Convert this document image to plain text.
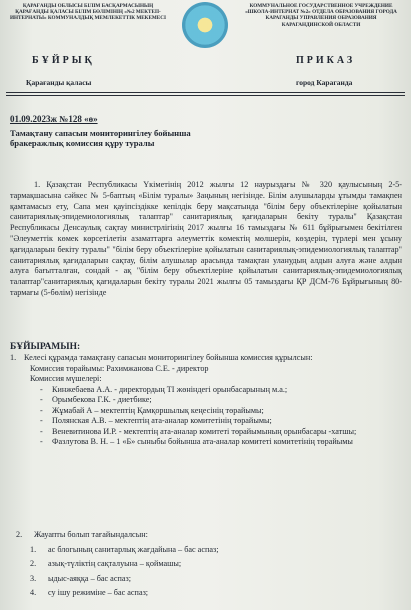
ҚАРАҒАНДЫ ОБЛЫСЫ БІЛІМ БАСҚАРМАСЫНЫҢ ҚАРАҒАНДЫ ҚАЛАСЫ БІЛІМ БӨЛІМІНІҢ «№2 МЕКТЕП-ИНТЕРНАТЫ» КОММУНАЛДЫҚ МЕМЛЕКЕТТІК МЕКЕМЕСІ
КОММУНАЛЬНОЕ ГОСУДАРСТВЕННОЕ УЧРЕЖДЕНИЕ «ШКОЛА-ИНТЕРНАТ №2» ОТДЕЛА ОБРАЗОВАНИЯ ГОРОДА КАРАГАНДЫ УПРАВЛЕНИЯ ОБРАЗОВАНИЯ КАРАГАНДИНСКОЙ ОБЛАСТИ
БҰЙРЫҚ	ПРИКАЗ
Қарағанды қаласы	город Караганда
01.09.2023ж №128 «ө»
Тамақтану сапасын мониторингілеу бойынша бракеражлық комиссия құру туралы

1. Қазақстан Республикасы Үкіметінің 2012 жылғы 12 наурыздағы № 320 қаулысының 2-5-тармақшасына сәйкес № 5-баптың «Білім туралы» Заңының негізінде. Білім алушыларды ұтымды тамақпен қамтамасыз ету, Сапа мен қауіпсіздікке кепілдік беру мақсатында "білім беру объектілеріне қойылатын санитариялық-эпидемиологиялық талаптар" санитариялық қағидаларын бекіту туралы" Қазақстан Республикасы Денсаулық сақтау министрлігінің 2017 жылғы 16 тамыздағы № 611 бұйрығымен бекітілген "Әлеуметтік көмек көрсетілетін азаматтарға әлеуметтік көмектің мөлшерін, көздерін, түрлері мен ұсыну қағидаларын бекіту туралы" "білім беру объектілеріне қойылатын санитариялық-эпидемиологиялық талаптар" санитариялық қағидаларын сақтау, білім алушылар арасында тамақтан уланудың алдын алуға және алдын алуға бағытталған, сондай - ақ "білім беру объектілеріне қойылатын санитариялық-эпидемиологиялық талаптар"санитариялық қағидаларын бекіту туралы 2021 жылғы 05 тамыздағы ҚР ДСМ-76 Бұйрығының 80-тармағы (5-бөлім) негізінде

БҰЙЫРАМЫН:
1. Келесі құрамда тамақтану сапасын мониторингілеу бойынша комиссия құрылсын:
Комиссия төрайымы: Рахимжанова С.Е. - директор
Комиссия мүшелері:
-	Кинжебаева А.А. - директордың ТІ жөніндегі орынбасарының м.а.;
-	Орымбекова Г.К. - диетбике;
-	Жұмабай А – мектептің Қамқоршылық кеңесінің төрайымы;
-	Полянская А.В. – мектептің ата-аналар комитетінің төрайымы;
-	Веневитинова И.Р. - мектептің ата-аналар комитеті төрайымының орынбасары -хатшы;
-	Фазлутова В. Н. – 1 «Б» сыныбы бойынша ата-аналар комитеті комитетінің төрайымы
2.	Жауапты болып тағайындалсын:
1.	ас блогының санитарлық жағдайына – бас аспаз;
2.	азық-түліктің сақталуына – қоймашы;
3.	ыдыс-аяққа – бас аспаз;
4.	су ішу режиміне – бас аспаз;
